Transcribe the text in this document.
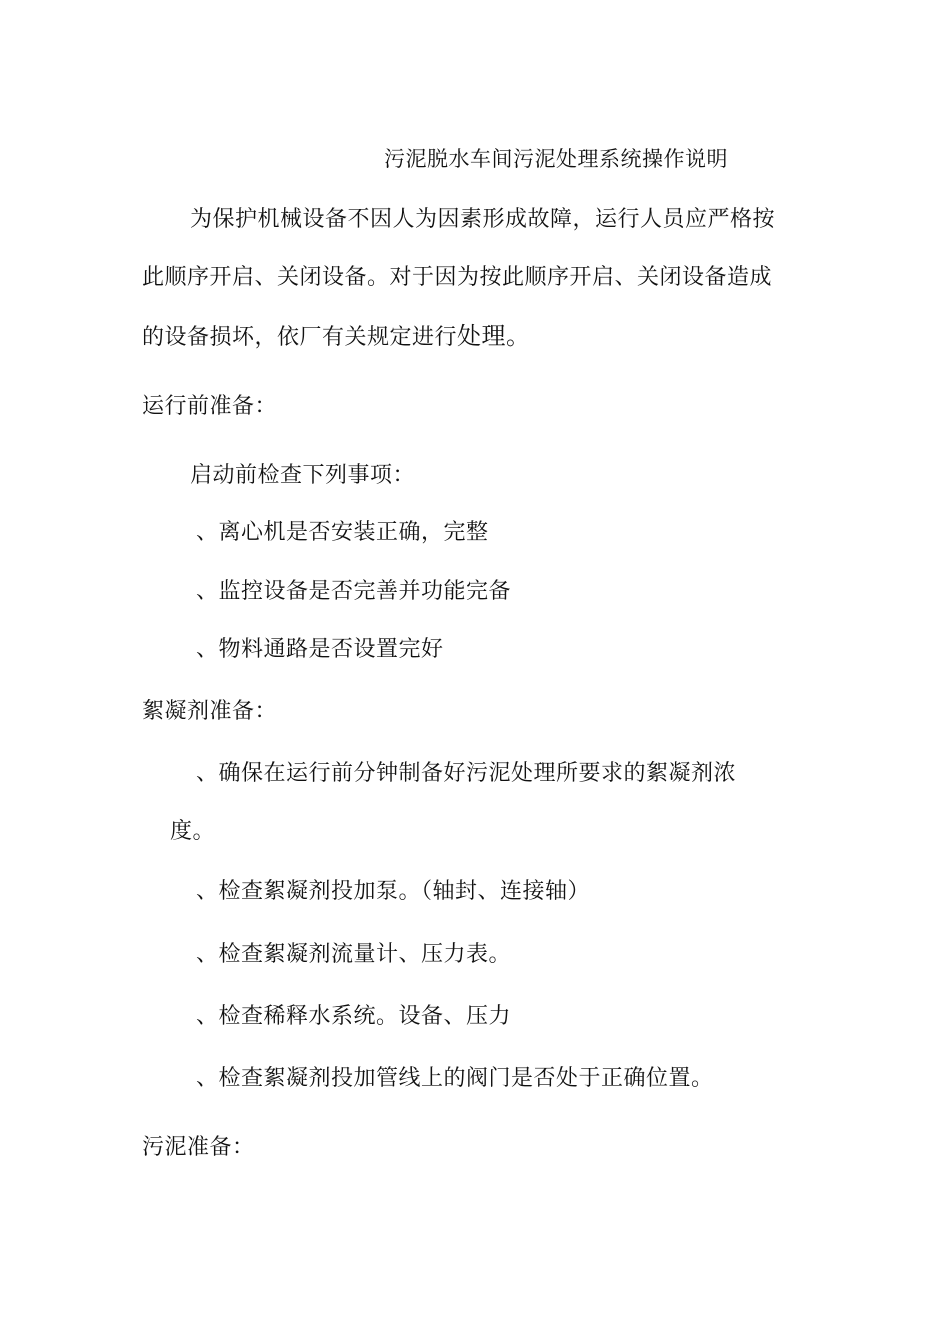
污泥脱水车间污泥处理系统操作说明
为保护机械设备不因人为因素形成故障，运行人员应严格按
此顺序开启、关闭设备。对于因为按此顺序开启、关闭设备造成
的设备损坏，依厂有关规定进行处理。
运行前准备：
启动前检查下列事项：
、离心机是否安装正确，完整
、监控设备是否完善并功能完备
、物料通路是否设置完好
絮凝剂准备：
、确保在运行前分钟制备好污泥处理所要求的絮凝剂浓
度。
、检查絮凝剂投加泵。（轴封、连接轴）
、检查絮凝剂流量计、压力表。
、检查稀释水系统。设备、压力
、检查絮凝剂投加管线上的阀门是否处于正确位置。
污泥准备：
